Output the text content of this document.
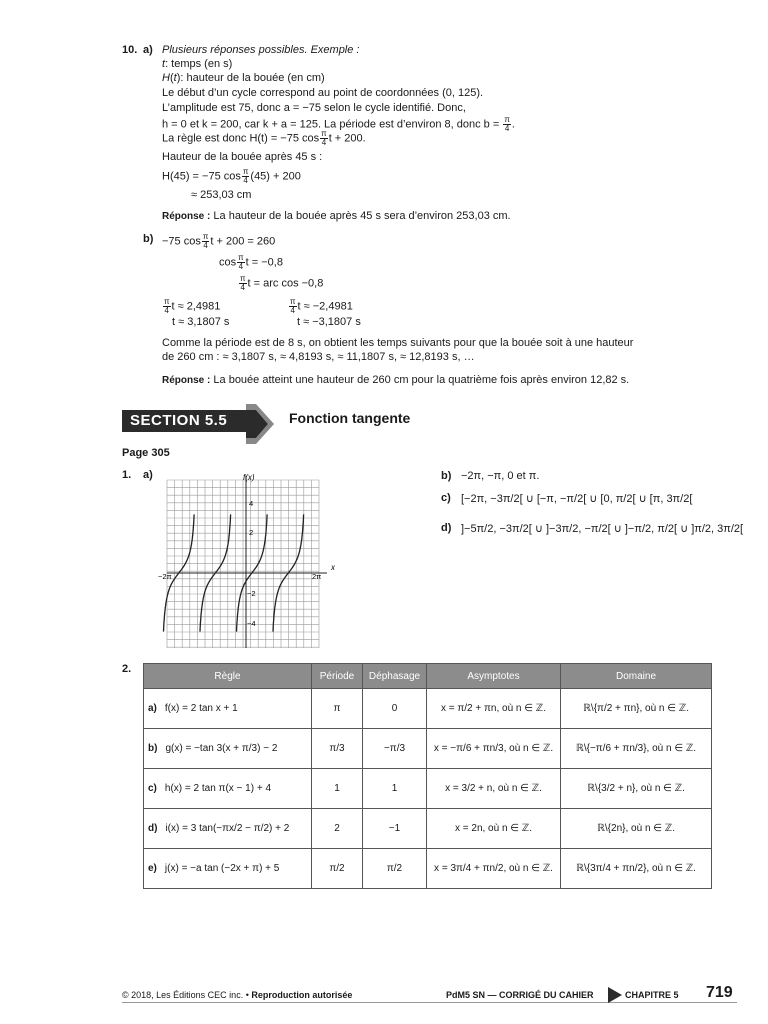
10. a) Plusieurs réponses possibles. Exemple :
t: temps (en s)
H(t): hauteur de la bouée (en cm)
Le début d’un cycle correspond au point de coordonnées (0, 125).
L’amplitude est 75, donc a = −75 selon le cycle identifié. Donc,
h = 0 et k = 200, car k + a = 125. La période est d’environ 8, donc $b = \frac{\pi}{4}$ .
La règle est donc H(t) = −75 $\cos \frac{\pi}{4}$ t + 200.
Hauteur de la bouée après 45 s :
H(45) = −75 $\cos \frac{\pi}{4} (45) + 200$
≈ 253,03 cm
Réponse : La hauteur de la bouée après 45 s sera d’environ 253,03 cm.
b) −75 $\cos \frac{\pi}{4}$ t + 200 = 260
$\cos \frac{\pi}{4}$ t = −0,8
$\frac{\pi}{4}$ t = arc cos −0,8
$\frac{\pi}{4}$ t ≈ 2,4981	$\frac{\pi}{4}$ t ≈ −2,4981
t ≈ 3,1807 s	t ≈ −3,1807 s
Comme la période est de 8 s, on obtient les temps suivants pour que la bouée soit à une hauteur
de 260 cm : ≈ 3,1807 s, ≈ 4,8193 s, ≈ 11,1807 s, ≈ 12,8193 s, …
Réponse : La bouée atteint une hauteur de 260 cm pour la quatrième fois après environ 12,82 s.
SECTION 5.5	Fonction tangente
Page 305
1. a)	f(x)
x
−2π	2π
4
2
−2
−4
b) −2π, −π, 0 et π.
c) [−2π, −3π/2[ ∪ [−π, −π/2[ ∪ [0, π/2[ ∪ [π, 3π/2[
d) ]−5π/2, −3π/2[ ∪ ]−3π/2, −π/2[ ∪ ]−π/2, π/2[ ∪ ]π/2, 3π/2[
2.
Règle	Période	Déphasage	Asymptotes	Domaine
a) f(x) = 2 tan x + 1	π	0	x = π/2 + πn, où n ∈ ℤ.	ℝ\{π/2 + πn}, où n ∈ ℤ.
b) g(x) = −tan 3(x + π/3) − 2	π/3	−π/3	x = −π/6 + πn/3, où n ∈ ℤ.	ℝ\{−π/6 + πn/3}, où n ∈ ℤ.
c) h(x) = 2 tan π(x − 1) + 4	1	1	x = 3/2 + n, où n ∈ ℤ.	ℝ\{3/2 + n}, où n ∈ ℤ.
d) i(x) = 3 tan(−πx/2 − π/2) + 2	2	−1	x = 2n, où n ∈ ℤ.	ℝ\{2n}, où n ∈ ℤ.
e) j(x) = −a tan (−2x + π) + 5	π/2	π/2	x = 3π/4 + πn/2, où n ∈ ℤ.	ℝ\{3π/4 + πn/2}, où n ∈ ℤ.
© 2018, Les Éditions CEC inc. • Reproduction autorisée	PdM5 SN — CORRIGÉ DU CAHIER	CHAPITRE 5 719
